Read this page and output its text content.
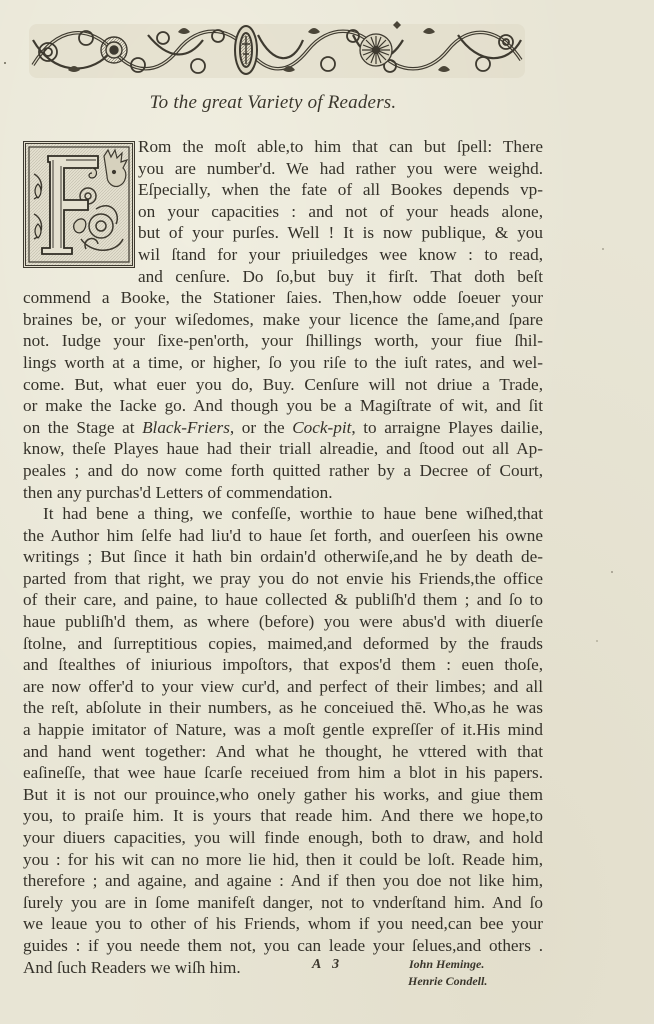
To the great Variety of Readers.
Rom the moſt able,to him that can but ſpell: There
you are number'd. We had rather you were weighd.
Eſpecially, when the fate of all Bookes depends vp-
on your capacities : and not of your heads alone,
but of your purſes. Well ! It is now publique, & you
wil ſtand for your priuiledges wee know : to read,
and cenſure. Do ſo,but buy it firſt. That doth beſt
commend a Booke, the Stationer ſaies. Then,how odde ſoeuer your
braines be, or your wiſedomes, make your licence the ſame,and ſpare
not. Iudge your ſixe-pen'orth, your ſhillings worth, your fiue ſhil-
lings worth at a time, or higher, ſo you riſe to the iuſt rates, and wel-
come. But, what euer you do, Buy. Cenſure will not driue a Trade,
or make the Iacke go. And though you be a Magiſtrate of wit, and ſit
on the Stage at Black-Friers, or the Cock-pit, to arraigne Playes dailie,
know, theſe Playes haue had their triall alreadie, and ſtood out all Ap-
peales ; and do now come forth quitted rather by a Decree of Court,
then any purchas'd Letters of commendation.
It had bene a thing, we confeſſe, worthie to haue bene wiſhed,that
the Author him ſelfe had liu'd to haue ſet forth, and ouerſeen his owne
writings ; But ſince it hath bin ordain'd otherwiſe,and he by death de-
parted from that right, we pray you do not envie his Friends,the office
of their care, and paine, to haue collected & publiſh'd them ; and ſo to
haue publiſh'd them, as where (before) you were abus'd with diuerſe
ſtolne, and ſurreptitious copies, maimed,and deformed by the frauds
and ſtealthes of iniurious impoſtors, that expos'd them : euen thoſe,
are now offer'd to your view cur'd, and perfect of their limbes; and all
the reſt, abſolute in their numbers, as he conceiued thē. Who,as he was
a happie imitator of Nature, was a moſt gentle expreſſer of it.His mind
and hand went together: And what he thought, he vttered with that
eaſineſſe, that wee haue ſcarſe receiued from him a blot in his papers.
But it is not our prouince,who onely gather his works, and giue them
you, to praiſe him. It is yours that reade him. And there we hope,to
your diuers capacities, you will finde enough, both to draw, and hold
you : for his wit can no more lie hid, then it could be loſt. Reade him,
therefore ; and againe, and againe : And if then you doe not like him,
ſurely you are in ſome manifeſt danger, not to vnderſtand him. And ſo
we leaue you to other of his Friends, whom if you need,can bee your
guides : if you neede them not, you can leade your ſelues,and others .
And ſuch Readers we wiſh him.	A 3	Iohn Heminge.
Henrie Condell.
